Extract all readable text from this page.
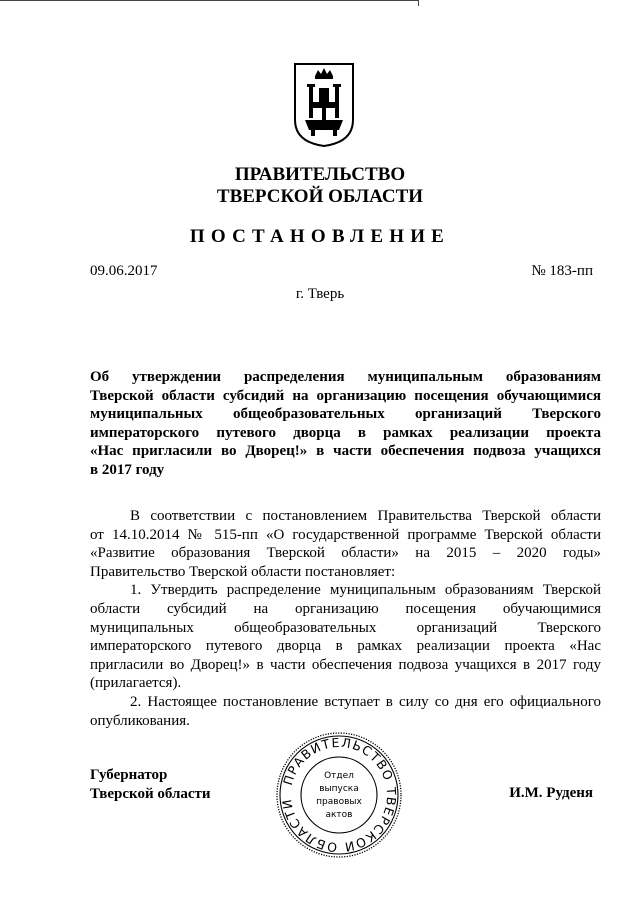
ПРАВИТЕЛЬСТВО
ТВЕРСКОЙ ОБЛАСТИ
ПОСТАНОВЛЕНИЕ
09.06.2017	№ 183-пп
г. Тверь
Об утверждении распределения муниципальным образованиям
Тверской области субсидий на организацию посещения обучающимися
муниципальных общеобразовательных организаций Тверского
императорского путевого дворца в рамках реализации проекта
«Нас пригласили во Дворец!» в части обеспечения подвоза учащихся
в 2017 году
В соответствии с постановлением Правительства Тверской области
от 14.10.2014 № 515-пп «О государственной программе Тверской области
«Развитие образования Тверской области» на 2015 – 2020 годы»
Правительство Тверской области постановляет:
1. Утвердить распределение муниципальным образованиям Тверской
области субсидий на организацию посещения обучающимися
муниципальных общеобразовательных организаций Тверского
императорского путевого дворца в рамках реализации проекта «Нас
пригласили во Дворец!» в части обеспечения подвоза учащихся в 2017 году
(прилагается).
2. Настоящее постановление вступает в силу со дня его официального
опубликования.
Губернатор
Тверской области	И.М. Руденя
ПРАВИТЕЛЬСТВО ТВЕРСКОЙ ОБЛАСТИ
Отдел
выпуска
правовых
актов
